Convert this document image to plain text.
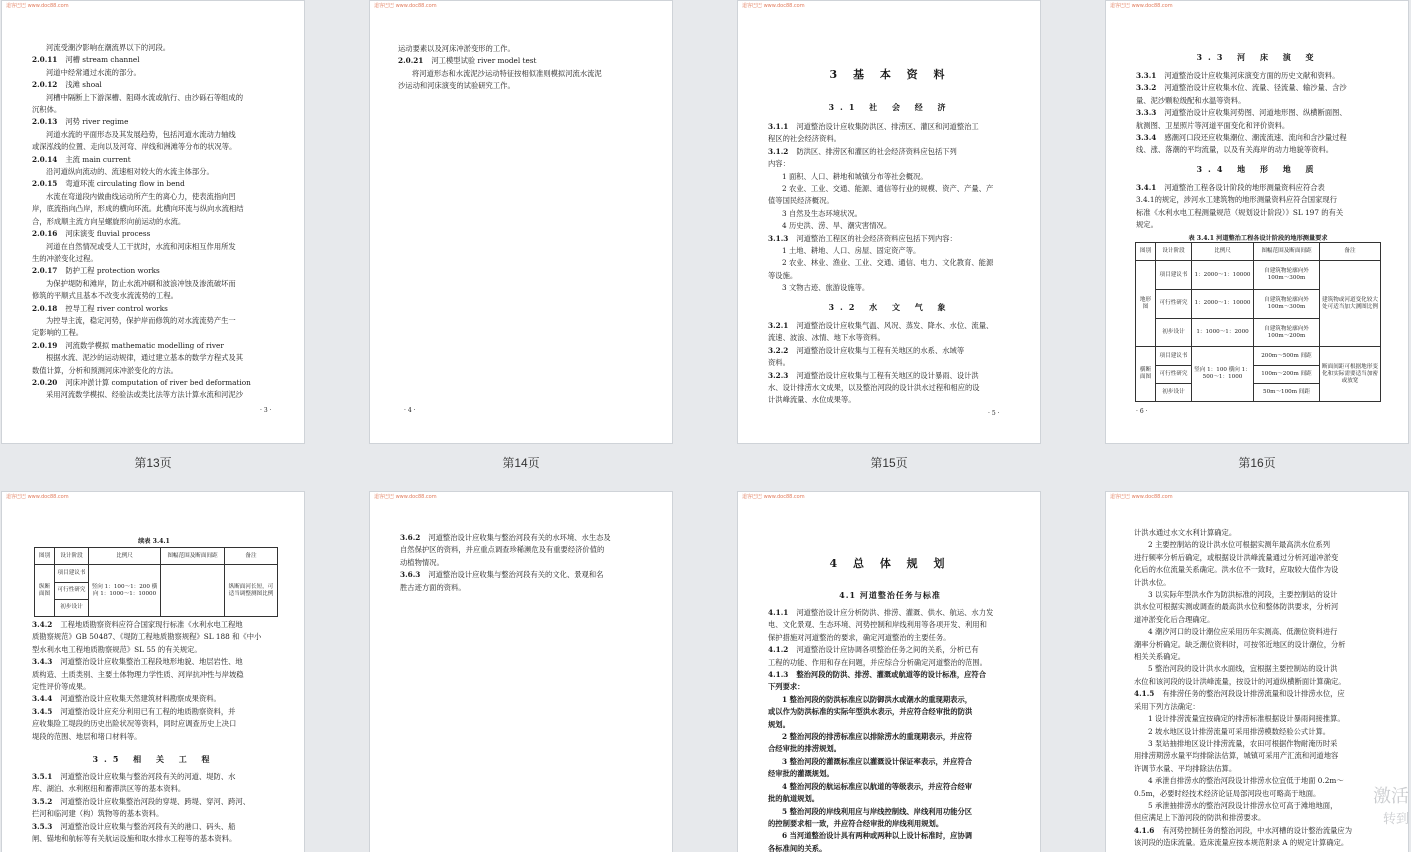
道客巴巴 www.doc88.com
河流受潮汐影响在潮流界以下的河段。
2.0.11 河槽 stream channel
河道中经常通过水流的部分。
2.0.12 浅滩 shoal
河槽中隔断上下游深槽、阻碍水流或航行、由沙砾石等组成的
沉积体。
2.0.13 河势 river regime
河道水流的平面形态及其发展趋势，包括河道水流动力轴线
或深泓线的位置、走向以及河弯、岸线和洲滩等分布的状况等。
2.0.14 主流 main current
沿河道纵向流动的、流速相对较大的水流主体部分。
2.0.15 弯道环流 circulating flow in bend
水流在弯道段内做曲线运动所产生的离心力，使表流指向凹
岸，底流指向凸岸，形成的横向环流。此横向环流与纵向水流相结
合，形成顺主流方向呈螺旋形向前运动的水流。
2.0.16 河床演变 fluvial process
河道在自然情况或受人工干扰时，水流和河床相互作用所发
生的冲淤变化过程。
2.0.17 防护工程 protection works
为保护堤防和滩岸，防止水流冲刷和波浪冲蚀及渗流破坏而
修筑的平顺式且基本不改变水流流势的工程。
2.0.18 控导工程 river control works
为控导主流，稳定河势，保护岸而修筑的对水流流势产生一
定影响的工程。
2.0.19 河流数学模拟 mathematic modelling of river
根据水流、泥沙的运动规律，通过建立基本的数学方程式及其
数值计算，分析和预测河床冲淤变化的方法。
2.0.20 河床冲淤计算 computation of river bed deformation
采用河流数学模拟、经验法或类比法等方法计算水流和河泥沙
· 3 ·
道客巴巴 www.doc88.com
运动要素以及河床冲淤变形的工作。
2.0.21 河工模型试验 river model test
将河道形态和水流泥沙运动特征按相似准则模拟河流水流泥
沙运动和河床演变的试验研究工作。
· 4 ·
道客巴巴 www.doc88.com
3 基 本 资 料
3.1 社 会 经 济
3.1.1 河道整治设计应收集防洪区、排涝区、灌区和河道整治工
程区的社会经济资料。
3.1.2 防洪区、排涝区和灌区的社会经济资料应包括下列
内容：
1 面积、人口、耕地和城镇分布等社会概况。
2 农业、工业、交通、能源、通信等行业的规模、资产、产量、产
值等国民经济概况。
3 自然及生态环境状况。
4 历史洪、涝、旱、潮灾害情况。
3.1.3 河道整治工程区的社会经济资料应包括下列内容：
1 土地、耕地、人口、房屋、固定资产等。
2 农业、林业、渔业、工业、交通、通信、电力、文化教育、能源
等设施。
3 文物古迹、旅游设施等。
3.2 水 文 气 象
3.2.1 河道整治设计应收集气温、风况、蒸发、降水、水位、流量、
流速、波浪、冰情、地下水等资料。
3.2.2 河道整治设计应收集与工程有关地区的水系、水域等
资料。
3.2.3 河道整治设计应收集与工程有关地区的设计暴雨、设计洪
水、设计排涝水文成果，以及整治河段的设计洪水过程和相应的设
计洪峰流量、水位成果等。
· 5 ·
道客巴巴 www.doc88.com
3.3 河 床 演 变
3.3.1 河道整治设计应收集河床演变方面的历史文献和资料。
3.3.2 河道整治设计应收集水位、流量、径流量、输沙量、含沙
量、泥沙颗粒级配和水温等资料。
3.3.3 河道整治设计应收集河势图、河道地形图、纵横断面图、
航测图、卫星照片等河道平面变化和评价资料。
3.3.4 感潮河口段还应收集潮位、潮流流速、流向和含沙量过程
线、涨、落潮的平均流量，以及有关海岸的动力地貌等资料。
3.4 地 形 地 质
3.4.1 河道整治工程各设计阶段的地形测量资料应符合表
3.4.1的规定，涉河水工建筑物的地形测量资料应符合国家现行
标准《水利水电工程测量规范（规划设计阶段）》SL 197 的有关
规定。
表 3.4.1 河道整治工程各设计阶段的地形测量要求
图别	设计阶段	比例尺	图幅范围及断面间距	备注
地形图	项目建议书	1：2000～1：10000	自建筑物轮廓向外 100m～300m	建筑物或河道变化较大处可适当加大测图比例
	可行性研究	1：2000～1：10000	自建筑物轮廓向外 100m～300m	
	初步设计	1：1000～1：2000	自建筑物轮廓向外 100m～200m	
横断面图	项目建议书	竖向 1：100 横向 1：500～1：1000	200m～500m 间距	断面间距可根据地形变化和实际需要适当加密或放宽
	可行性研究		100m～200m 间距	
	初步设计		50m～100m 间距	
· 6 ·
第13页	第14页	第15页	第16页
道客巴巴 www.doc88.com
续表 3.4.1
图别	设计阶段	比例尺	图幅范围及断面间距	备注
纵断面图	项目建议书	竖向 1：100～1：200 横向 1：1000～1：10000		纵断面河长短，可适当调整测图比例
	可行性研究			
	初步设计			
3.4.2 工程地质勘察资料应符合国家现行标准《水利水电工程地
质勘察规范》GB 50487、《堤防工程地质勘察规程》SL 188 和《中小
型水利水电工程地质勘察规范》SL 55 的有关规定。
3.4.3 河道整治设计应收集整治工程段地形地貌、地层岩性、地
质构造、土质类别、主要土体物理力学性质、河岸抗冲性与岸坡稳
定性评价等成果。
3.4.4 河道整治设计应收集天然建筑材料勘察成果资料。
3.4.5 河道整治设计应充分利用已有工程的地质勘察资料，并
应收集险工堤段的历史出险状况等资料，同时应调查历史上决口
堤段的范围、地层和堵口材料等。
3.5 相 关 工 程
3.5.1 河道整治设计应收集与整治河段有关的河道、堤防、水
库、湖泊、水利枢纽和蓄滞洪区等的基本资料。
3.5.2 河道整治设计应收集整治河段的穿堤、跨堤、穿河、跨河、
拦河和临河建（构）筑物等的基本资料。
3.5.3 河道整治设计应收集与整治河段有关的港口、码头、船
闸、锚地和航标等有关航运设施和取水排水工程等的基本资料。
道客巴巴 www.doc88.com
3.6.2 河道整治设计应收集与整治河段有关的水环境、水生态及
自然保护区的资料，并应重点调查珍稀濒危及有重要经济价值的
动植物情况。
3.6.3 河道整治设计应收集与整治河段有关的文化、景观和名
胜古迹方面的资料。
道客巴巴 www.doc88.com
4 总 体 规 划
4.1 河道整治任务与标准
4.1.1 河道整治设计应分析防洪、排涝、灌溉、供水、航运、水力发
电、文化景观、生态环境、河势控制和岸线利用等各项开发、利用和
保护措施对河道整治的要求，确定河道整治的主要任务。
4.1.2 河道整治设计应协调各项整治任务之间的关系，分析已有
工程的功能、作用和存在问题，并应综合分析确定河道整治的范围。
4.1.3 整治河段的防洪、排涝、灌溉或航道等的设计标准，应符合
下列要求：
1 整治河段的防洪标准应以防御洪水或潮水的重现期表示，
或以作为防洪标准的实际年型洪水表示，并应符合经审批的防洪
规划。
2 整治河段的排涝标准应以排除涝水的重现期表示，并应符
合经审批的排涝规划。
3 整治河段的灌溉标准应以灌溉设计保证率表示，并应符合
经审批的灌溉规划。
4 整治河段的航运标准应以航道的等级表示，并应符合经审
批的航道规划。
5 整治河段的岸线利用应与岸线控制线、岸线利用功能分区
的控制要求相一致，并应符合经审批的岸线利用规划。
6 当河道整治设计具有两种或两种以上设计标准时，应协调
各标准间的关系。
道客巴巴 www.doc88.com
计洪水通过水文水利计算确定。
2 主要控制站的设计洪水位可根据实测年最高洪水位系列
进行频率分析后确定，或根据设计洪峰流量通过分析河道冲淤变
化后的水位流量关系确定。洪水位不一致时，应取较大值作为设
计洪水位。
3 以实际年型洪水作为防洪标准的河段，主要控制站的设计
洪水位可根据实测或调查的最高洪水位和整体防洪要求，分析河
道冲淤变化后合理确定。
4 潮汐河口的设计潮位应采用历年实测高、低潮位资料进行
潮率分析确定。缺乏潮位资料时，可按邻近地区的设计潮位，分析
相关关系确定。
5 整治河段的设计洪水水面线，宜根据主要控制站的设计洪
水位和该河段的设计洪峰流量，按设计的河道纵横断面计算确定。
4.1.5 有排涝任务的整治河段设计排涝流量和设计排涝水位，应
采用下列方法确定：
1 设计排涝流量宜按确定的排涝标准根据设计暴雨间接推算。
2 坡水地区设计排涝流量可采用排涝模数经验公式计算。
3 泵站抽排地区设计排涝流量，农田可根据作物耐淹历时采
用排涝期涝水量平均排除法估算，城镇可采用产汇流和河道地容
许调节水量、平均排除法估算。
4 承泄自排涝水的整治河段设计排涝水位宜低于地面 0.2m～
0.5m，必要时经技术经济论证局部河段也可略高于地面。
5 承泄抽排涝水的整治河段设计排涝水位可高于滩地地面，
但应满足上下游河段的防洪和排涝要求。
4.1.6 有河势控制任务的整治河段，中水河槽的设计整治流量应为
该河段的造床流量。造床流量应按本规范附录 A 的规定计算确定。
激活
转到
